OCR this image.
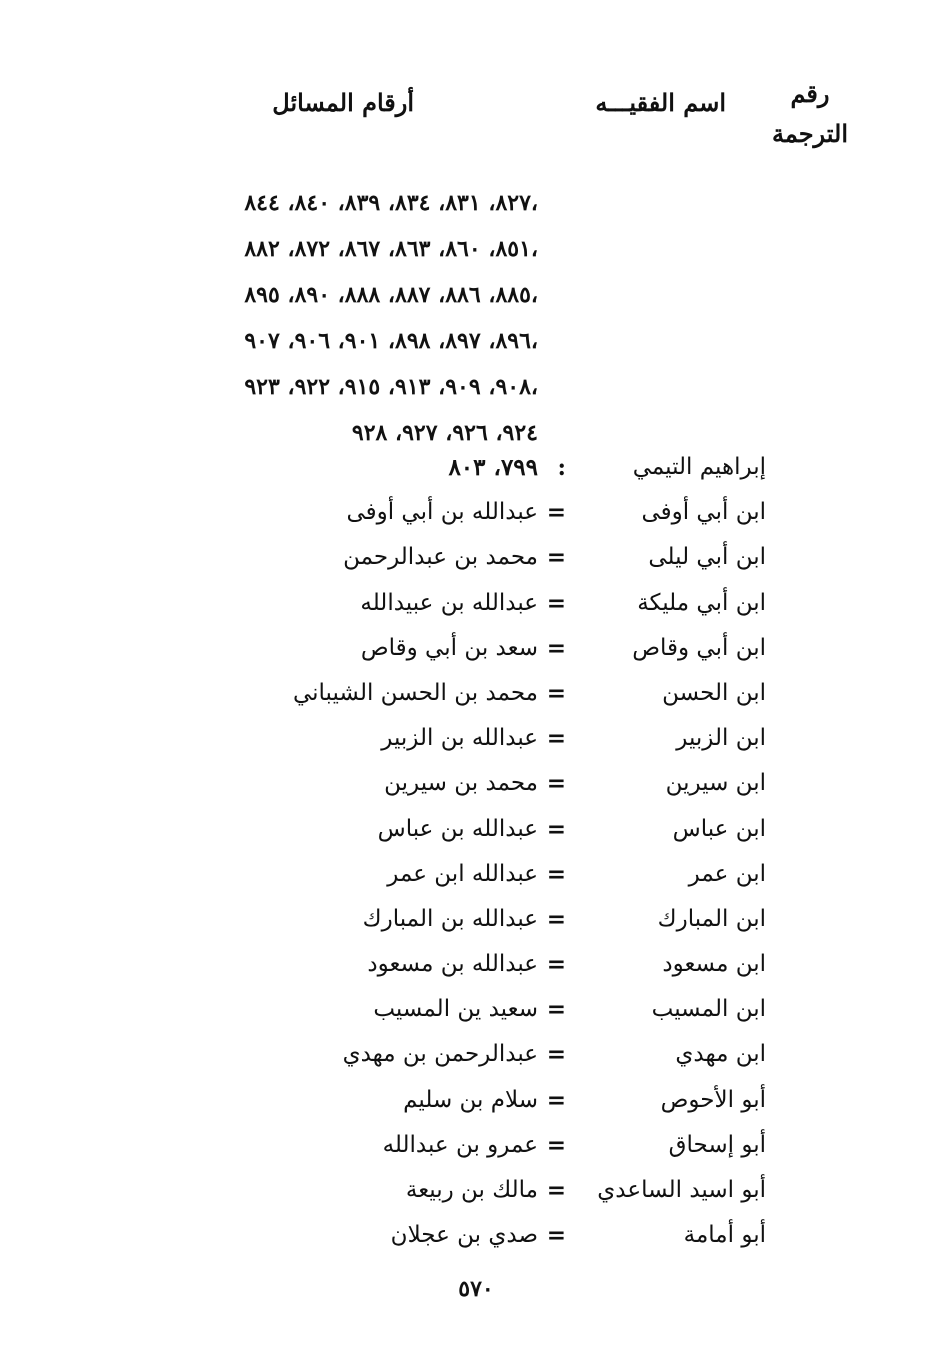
رقم
الترجمة
اسم الفقيـــه
أرقام المسائل
٨٢٧، ٨٣١، ٨٣٤، ٨٣٩، ٨٤٠، ٨٤٤،
٨٥١، ٨٦٠، ٨٦٣، ٨٦٧، ٨٧٢، ٨٨٢،
٨٨٥، ٨٨٦، ٨٨٧، ٨٨٨، ٨٩٠، ٨٩٥،
٨٩٦، ٨٩٧، ٨٩٨، ٩٠١، ٩٠٦، ٩٠٧،
٩٠٨، ٩٠٩، ٩١٣، ٩١٥، ٩٢٢، ٩٢٣،
٩٢٤، ٩٢٦، ٩٢٧، ٩٢٨
إبراهيم التيمي
:
٧٩٩، ٨٠٣
ابن أبي أوفى
=
عبدالله بن أبي أوفى
ابن أبي ليلى
=
محمد بن عبدالرحمن
ابن أبي مليكة
=
عبدالله بن عبيدالله
ابن أبي وقاص
=
سعد بن أبي وقاص
ابن الحسن
=
محمد بن الحسن الشيباني
ابن الزبير
=
عبدالله بن الزبير
ابن سيرين
=
محمد بن سيرين
ابن عباس
=
عبدالله بن عباس
ابن عمر
=
عبدالله ابن عمر
ابن المبارك
=
عبدالله بن المبارك
ابن مسعود
=
عبدالله بن مسعود
ابن المسيب
=
سعيد ين المسيب
ابن مهدي
=
عبدالرحمن بن مهدي
أبو الأحوص
=
سلام بن سليم
أبو إسحاق
=
عمرو بن عبدالله
أبو اسيد الساعدي
=
مالك بن ربيعة
أبو أمامة
=
صدي بن عجلان
٥٧٠
